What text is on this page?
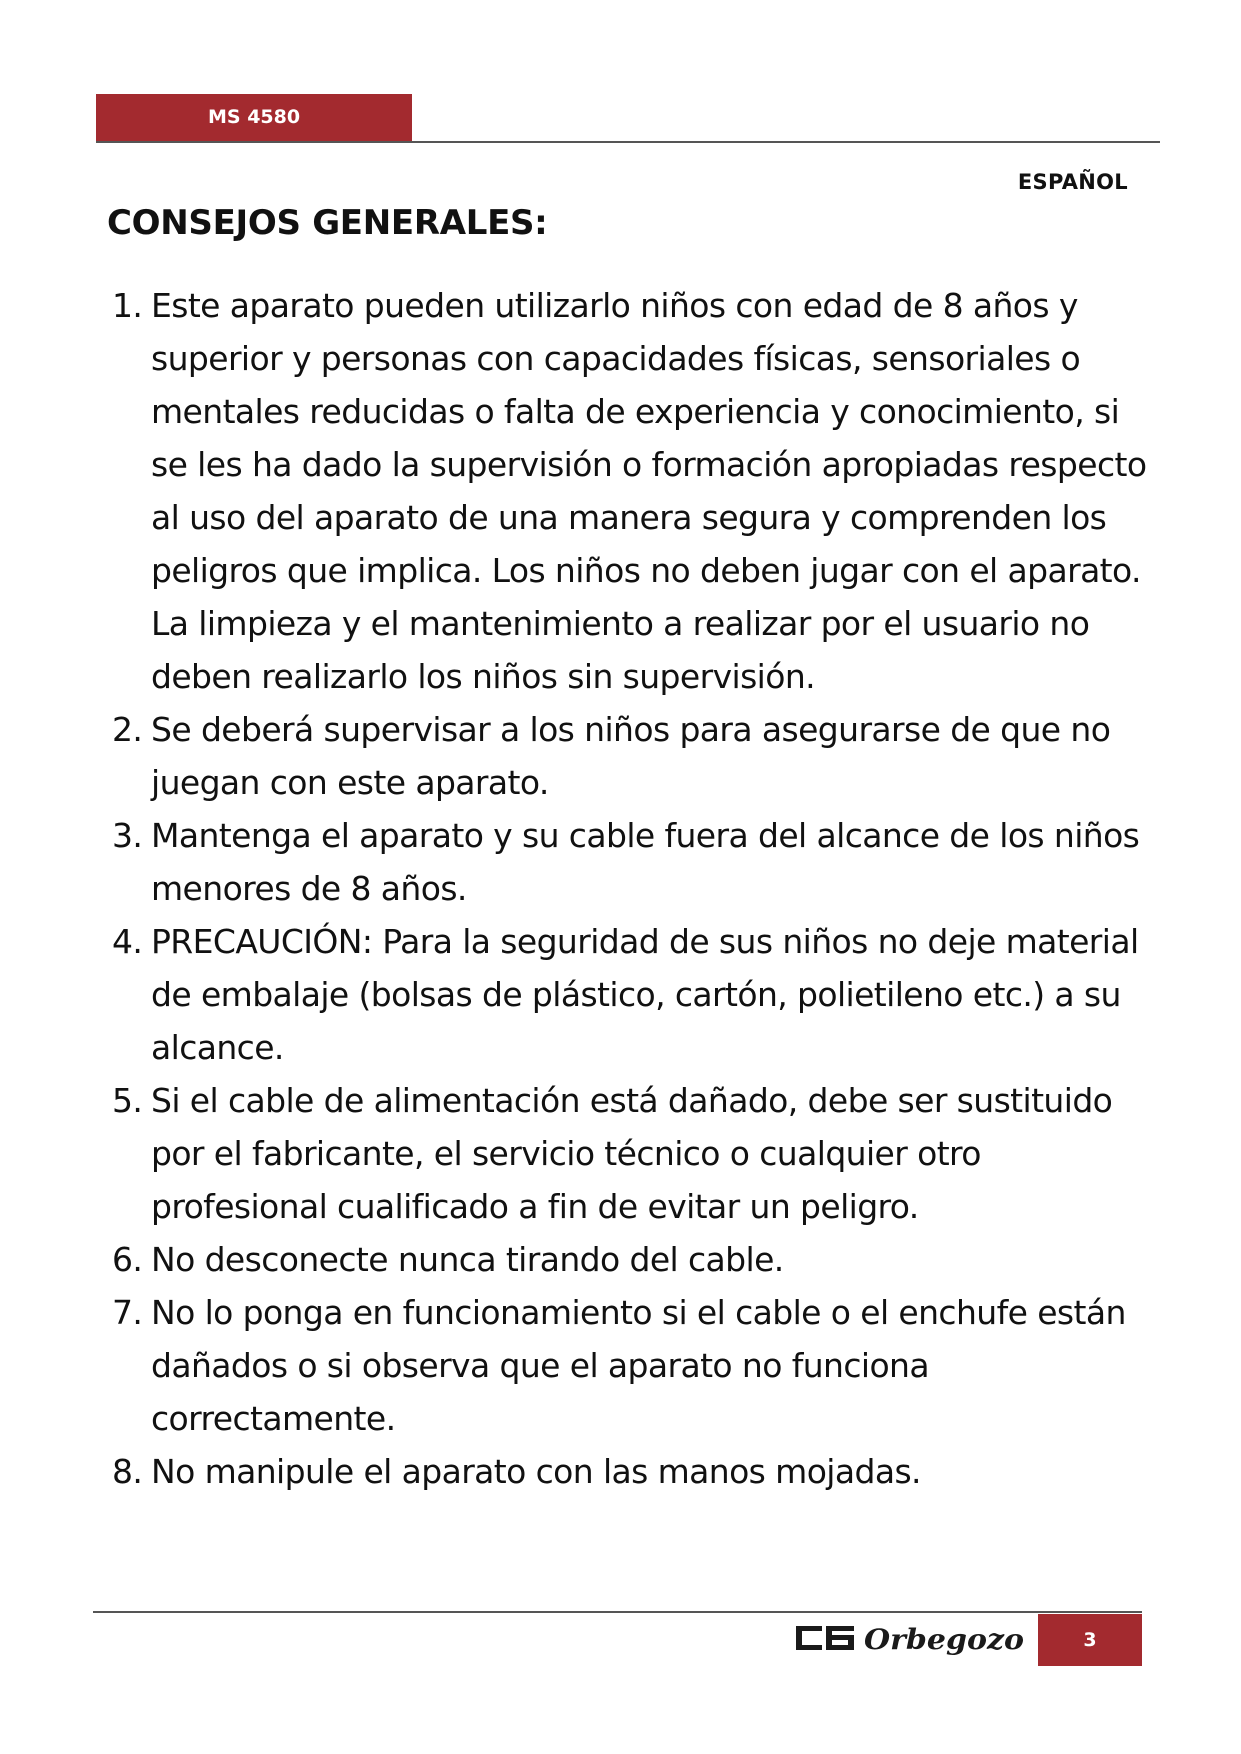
MS 4580
ESPAÑOL
CONSEJOS GENERALES:
1. Este aparato pueden utilizarlo niños con edad de 8 años y superior y personas con capacidades físicas, sensoriales o mentales reducidas o falta de experiencia y conocimiento, si se les ha dado la supervisión o formación apropiadas respecto al uso del aparato de una manera segura y comprenden los peligros que implica. Los niños no deben jugar con el aparato. La limpieza y el mantenimiento a realizar por el usuario no deben realizarlo los niños sin supervisión.
2. Se deberá supervisar a los niños para asegurarse de que no juegan con este aparato.
3. Mantenga el aparato y su cable fuera del alcance de los niños menores de 8 años.
4. PRECAUCIÓN: Para la seguridad de sus niños no deje material de embalaje (bolsas de plástico, cartón, polietileno etc.) a su alcance.
5. Si el cable de alimentación está dañado, debe ser sustituido por el fabricante, el servicio técnico o cualquier otro profesional cualificado a fin de evitar un peligro.
6. No desconecte nunca tirando del cable.
7. No lo ponga en funcionamiento si el cable o el enchufe están dañados o si observa que el aparato no funciona correctamente.
8. No manipule el aparato con las manos mojadas.
Orbegozo	3
